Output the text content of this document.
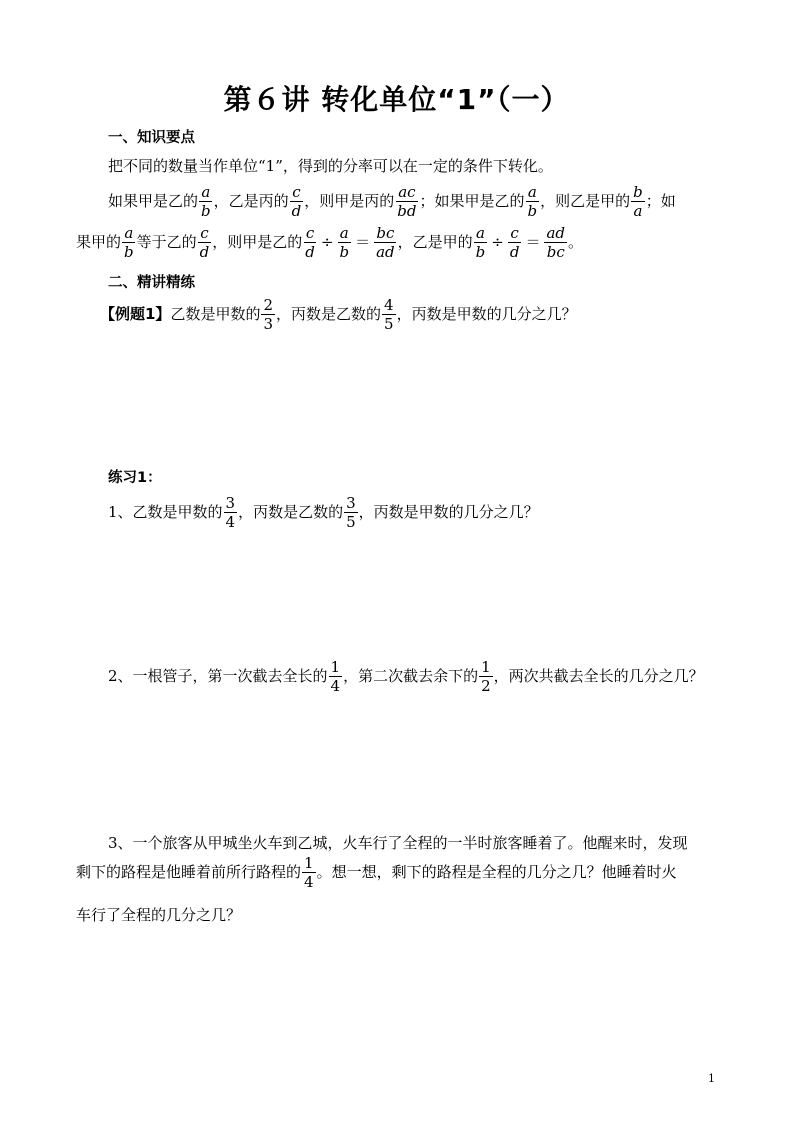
第６讲 转化单位“1”（一）
一、知识要点
把不同的数量当作单位“1”，得到的分率可以在一定的条件下转化。
如果甲是乙的 $\frac{a}{b}$ ，乙是丙的 $\frac{c}{d}$ ，则甲是丙的 $\frac{ac}{bd}$ ；如果甲是乙的 $\frac{a}{b}$ ，则乙是甲的 $\frac{b}{a}$ ；如
果甲的 $\frac{a}{b}$ 等于乙的 $\frac{c}{d}$ ，则甲是乙的 $\frac{c}{d} \div \frac{a}{b} = \frac{bc}{ad}$ ，乙是甲的 $\frac{a}{b} \div \frac{c}{d} = \frac{ad}{bc}$ 。
二、精讲精练
【例题1】乙数是甲数的 $\frac{2}{3}$ ，丙数是乙数的 $\frac{4}{5}$ ，丙数是甲数的几分之几？
练习1：
1、乙数是甲数的 $\frac{3}{4}$ ，丙数是乙数的 $\frac{3}{5}$ ，丙数是甲数的几分之几？
2、一根管子，第一次截去全长的 $\frac{1}{4}$ ，第二次截去余下的 $\frac{1}{2}$ ，两次共截去全长的几分之几？
3、一个旅客从甲城坐火车到乙城，火车行了全程的一半时旅客睡着了。他醒来时，发现
剩下的路程是他睡着前所行路程的 $\frac{1}{4}$ 。想一想，剩下的路程是全程的几分之几？他睡着时火
车行了全程的几分之几？
1
